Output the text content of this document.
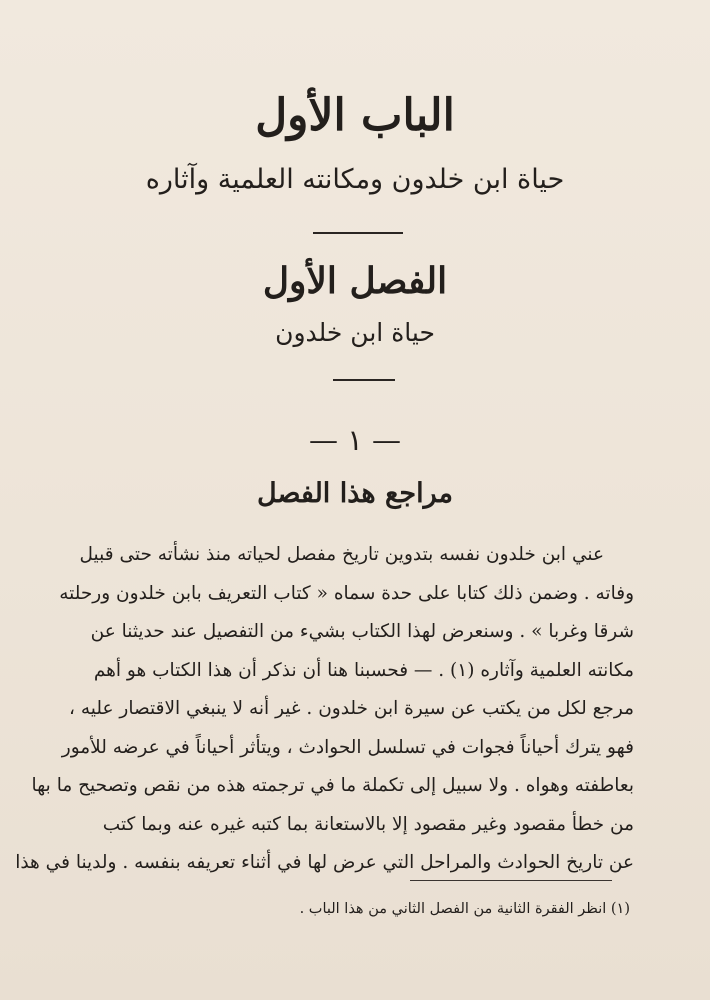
الباب الأول
حياة ابن خلدون ومكانته العلمية وآثاره
الفصل الأول
حياة ابن خلدون
— ١ —
مراجع هذا الفصل
عني ابن خلدون نفسه بتدوين تاريخ مفصل لحياته منذ نشأته حتى قبيل
وفاته . وضمن ذلك كتابا على حدة سماه « كتاب التعريف بابن خلدون ورحلته
شرقا وغربا » . وسنعرض لهذا الكتاب بشيء من التفصيل عند حديثنا عن
مكانته العلمية وآثاره (١) . — فحسبنا هنا أن نذكر أن هذا الكتاب هو أهم
مرجع لكل من يكتب عن سيرة ابن خلدون . غير أنه لا ينبغي الاقتصار عليه ،
فهو يترك أحياناً فجوات في تسلسل الحوادث ، ويتأثر أحياناً في عرضه للأمور
بعاطفته وهواه . ولا سبيل إلى تكملة ما في ترجمته هذه من نقص وتصحيح ما بها
من خطأ مقصود وغير مقصود إلا بالاستعانة بما كتبه غيره عنه وبما كتب
عن تاريخ الحوادث والمراحل التي عرض لها في أثناء تعريفه بنفسه . ولدينا في هذا
(١) انظر الفقرة الثانية من الفصل الثاني من هذا الباب .
